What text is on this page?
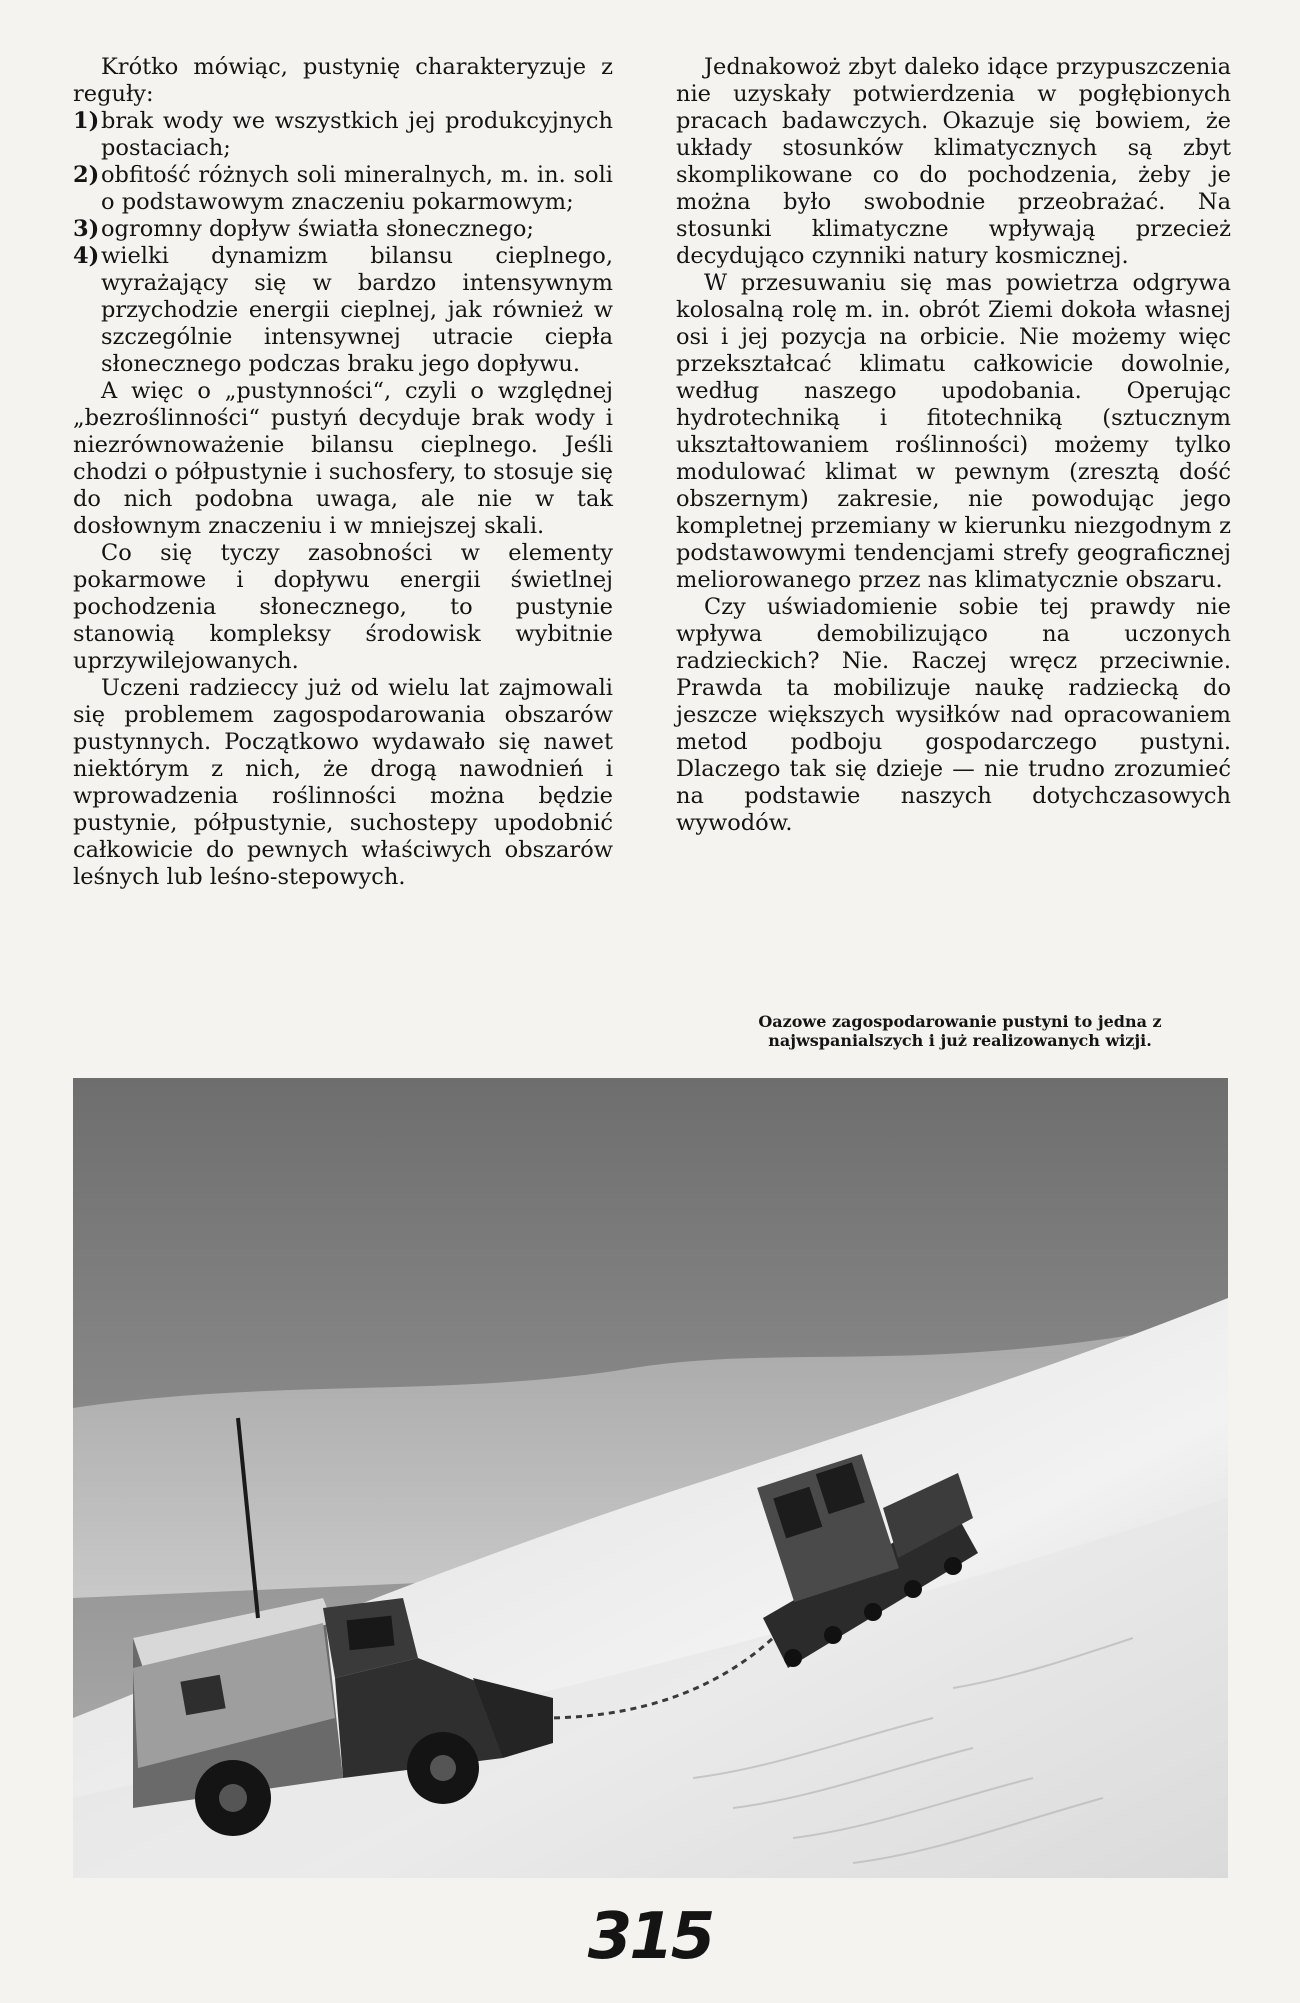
Krótko mówiąc, pustynię charakteryzuje z reguły:

1) brak wody we wszystkich jej produkcyjnych postaciach;
2) obfitość różnych soli mineralnych, m. in. soli o podstawowym znaczeniu pokarmowym;
3) ogromny dopływ światła słonecznego;
4) wielki dynamizm bilansu cieplnego, wyrażający się w bardzo intensywnym przychodzie energii cieplnej, jak również w szczególnie intensywnej utracie ciepła słonecznego podczas braku jego dopływu.

A więc o „pustynności“, czyli o względnej „bezroślinności“ pustyń decyduje brak wody i niezrównoważenie bilansu cieplnego. Jeśli chodzi o półpustynie i suchosfery, to stosuje się do nich podobna uwaga, ale nie w tak dosłownym znaczeniu i w mniejszej skali.

Co się tyczy zasobności w elementy pokarmowe i dopływu energii świetlnej pochodzenia słonecznego, to pustynie stanowią kompleksy środowisk wybitnie uprzywilejowanych.

Uczeni radzieccy już od wielu lat zajmowali się problemem zagospodarowania obszarów pustynnych. Początkowo wydawało się nawet niektórym z nich, że drogą nawodnień i wprowadzenia roślinności można będzie pustynie, półpustynie, suchostepy upodobnić całkowicie do pewnych właściwych obszarów leśnych lub leśno-stepowych.

Jednakowoż zbyt daleko idące przypuszczenia nie uzyskały potwierdzenia w pogłębionych pracach badawczych. Okazuje się bowiem, że układy stosunków klimatycznych są zbyt skomplikowane co do pochodzenia, żeby je można było swobodnie przeobrażać. Na stosunki klimatyczne wpływają przecież decydująco czynniki natury kosmicznej.

W przesuwaniu się mas powietrza odgrywa kolosalną rolę m. in. obrót Ziemi dokoła własnej osi i jej pozycja na orbicie. Nie możemy więc przekształcać klimatu całkowicie dowolnie, według naszego upodobania. Operując hydrotechniką i fitotechniką (sztucznym ukształtowaniem roślinności) możemy tylko modulować klimat w pewnym (zresztą dość obszernym) zakresie, nie powodując jego kompletnej przemiany w kierunku niezgodnym z podstawowymi tendencjami strefy geograficznej meliorowanego przez nas klimatycznie obszaru.

Czy uświadomienie sobie tej prawdy nie wpływa demobilizująco na uczonych radzieckich? Nie. Raczej wręcz przeciwnie. Prawda ta mobilizuje naukę radziecką do jeszcze większych wysiłków nad opracowaniem metod podboju gospodarczego pustyni. Dlaczego tak się dzieje — nie trudno zrozumieć na podstawie naszych dotychczasowych wywodów.

Oazowe zagospodarowanie pustyni to jedna z najwspanialszych i już realizowanych wizji.
315
